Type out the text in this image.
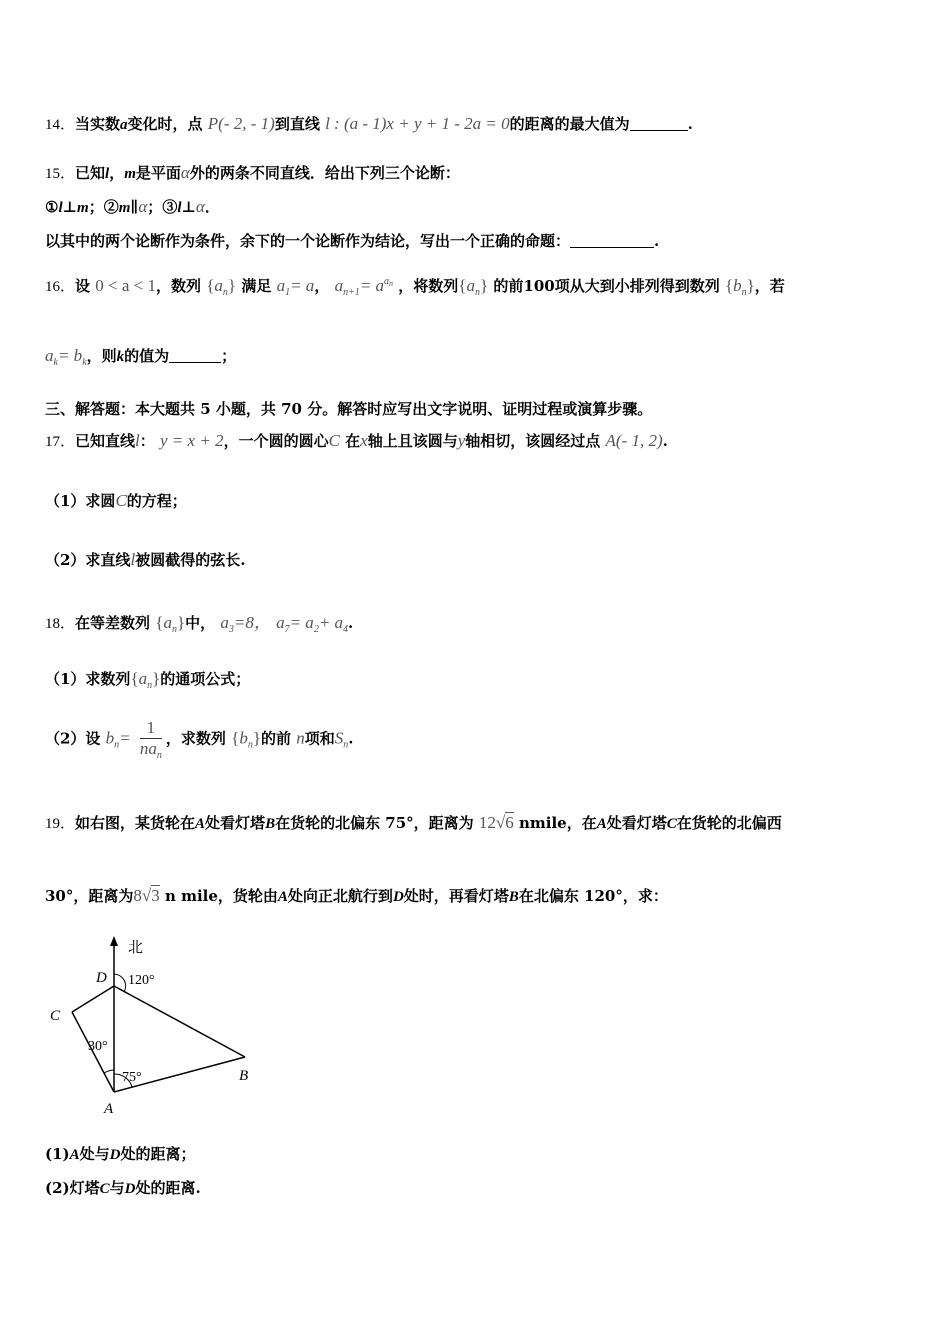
14．当实数a变化时，点 P(- 2, - 1)到直线 l : (a - 1)x + y + 1 - 2a = 0的距离的最大值为	.
15．已知l，m是平面α外的两条不同直线．给出下列三个论断：
①l⊥m；②m∥α；③l⊥α．
以其中的两个论断作为条件，余下的一个论断作为结论，写出一个正确的命题：	.
16．设 0 < a < 1，数列 $\{a_n\}$ 满足 $a_1= a$， $a_{n+1}= a^{an}$ ，将数列$\{a_n\}$ 的前100项从大到小排列得到数列 $\{b_n\}$，若
$a_k= b_k$，则k的值为	；
三、解答题：本大题共 5 小题，共 70 分。解答时应写出文字说明、证明过程或演算步骤。
17．已知直线l： y = x + 2，一个圆的圆心C 在x轴上且该圆与y轴相切，该圆经过点 A(- 1, 2).
（1）求圆C的方程；
（2）求直线l被圆截得的弦长.
18．在等差数列 $\{a_n\}$中， $a_3=8$， $a_7= a_2+ a_4$.
（1）求数列$\{a_n\}$的通项公式；
（2）设 $b_n= \frac{1}{na_n}$ ，求数列 $\{b_n\}$的前 n项和$S_n$.
19．如右图，某货轮在A处看灯塔B在货轮的北偏东 75°，距离为 12√6 nmile，在A处看灯塔C在货轮的北偏西
30°，距离为8√3 n mile，货轮由A处向正北航行到D处时，再看灯塔B在北偏东 120°，求：
北
D
C
A
B
120°
30°
75°
(1)A处与D处的距离；
(2)灯塔C与D处的距离.
